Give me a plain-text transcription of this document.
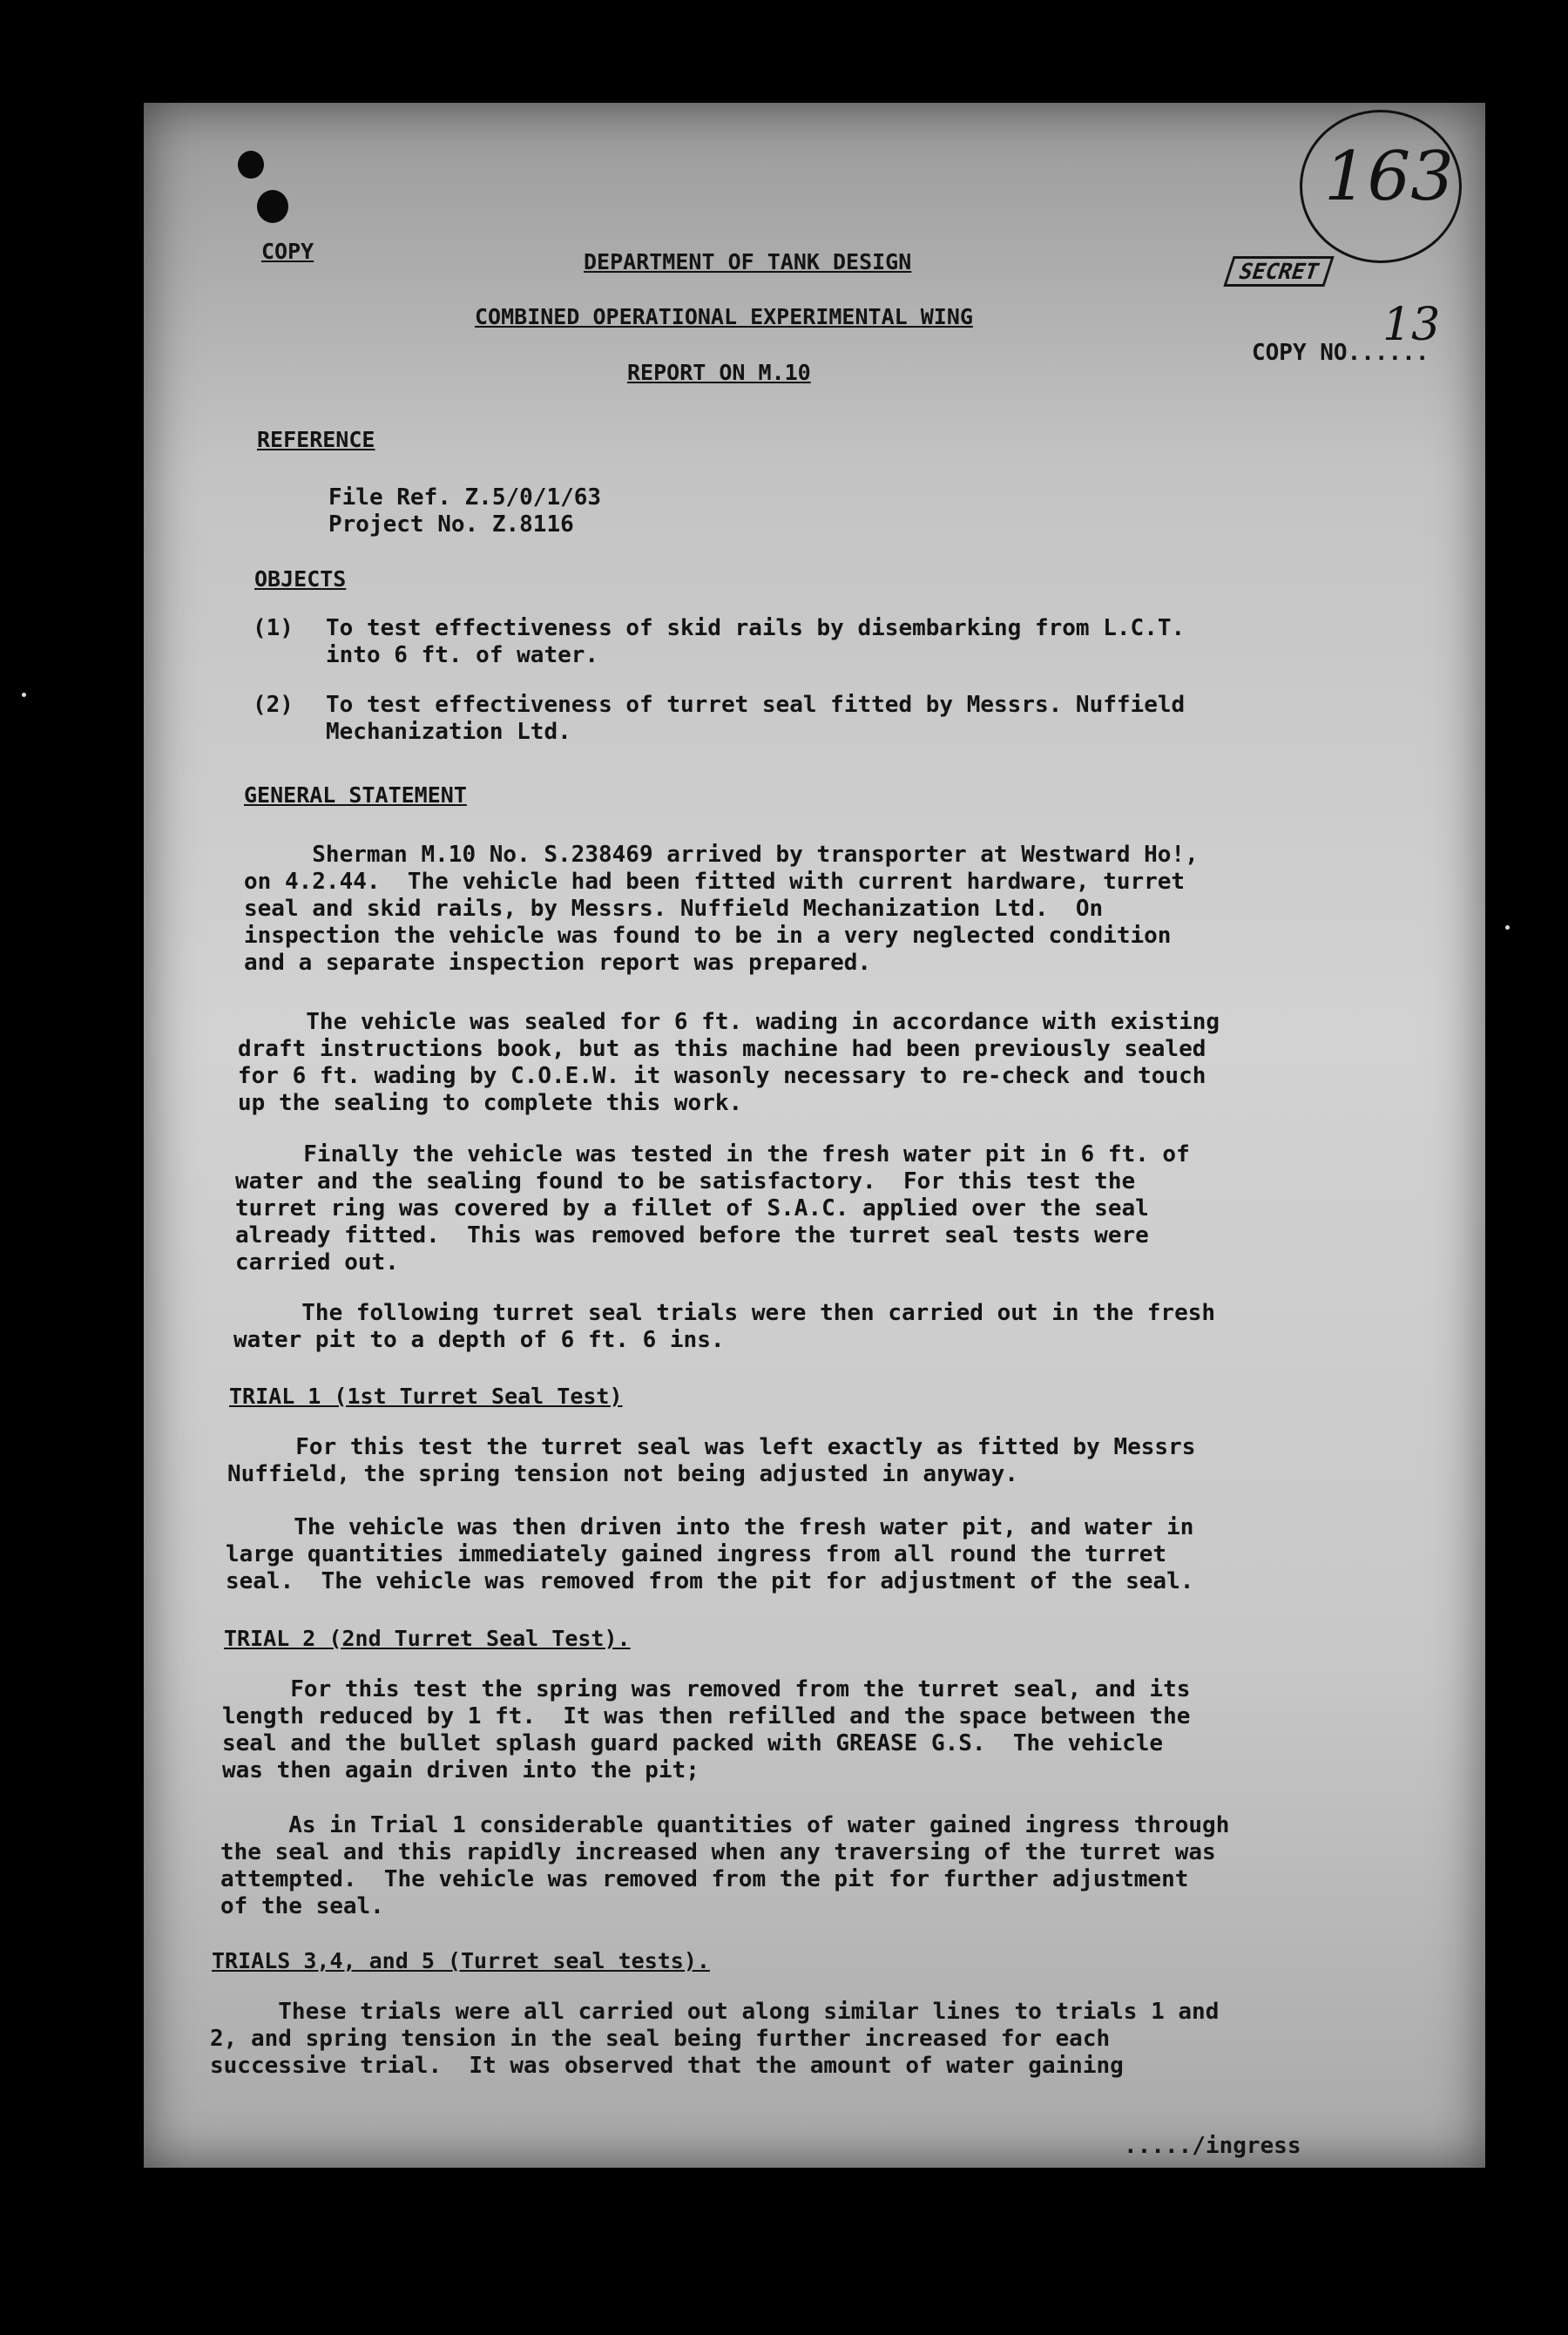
163
COPY	DEPARTMENT OF TANK DESIGN	SECRET
COMBINED OPERATIONAL EXPERIMENTAL WING
REPORT ON M.10
COPY NO......
13
REFERENCE
File Ref. Z.5/0/1/63
Project No. Z.8116
OBJECTS

(1)

To test effectiveness of skid rails by disembarking from L.C.T.

into 6 ft. of water.

(2)

To test effectiveness of turret seal fitted by Messrs. Nuffield

Mechanization Ltd.

GENERAL STATEMENT

Sherman M.10 No. S.238469 arrived by transporter at Westward Ho!,

on 4.2.44.  The vehicle had been fitted with current hardware, turret

seal and skid rails, by Messrs. Nuffield Mechanization Ltd.  On

inspection the vehicle was found to be in a very neglected condition

and a separate inspection report was prepared.

The vehicle was sealed for 6 ft. wading in accordance with existing

draft instructions book, but as this machine had been previously sealed

for 6 ft. wading by C.O.E.W. it wasonly necessary to re-check and touch

up the sealing to complete this work.

Finally the vehicle was tested in the fresh water pit in 6 ft. of

water and the sealing found to be satisfactory.  For this test the

turret ring was covered by a fillet of S.A.C. applied over the seal

already fitted.  This was removed before the turret seal tests were

carried out.

The following turret seal trials were then carried out in the fresh

water pit to a depth of 6 ft. 6 ins.

TRIAL 1 (1st Turret Seal Test)

For this test the turret seal was left exactly as fitted by Messrs

Nuffield, the spring tension not being adjusted in anyway.

The vehicle was then driven into the fresh water pit, and water in

large quantities immediately gained ingress from all round the turret

seal.  The vehicle was removed from the pit for adjustment of the seal.

TRIAL 2 (2nd Turret Seal Test).

For this test the spring was removed from the turret seal, and its

length reduced by 1 ft.  It was then refilled and the space between the

seal and the bullet splash guard packed with GREASE G.S.  The vehicle

was then again driven into the pit;

As in Trial 1 considerable quantities of water gained ingress through

the seal and this rapidly increased when any traversing of the turret was

attempted.  The vehicle was removed from the pit for further adjustment

of the seal.

TRIALS 3,4, and 5 (Turret seal tests).

These trials were all carried out along similar lines to trials 1 and

2, and spring tension in the seal being further increased for each

successive trial.  It was observed that the amount of water gaining

...../ingress
